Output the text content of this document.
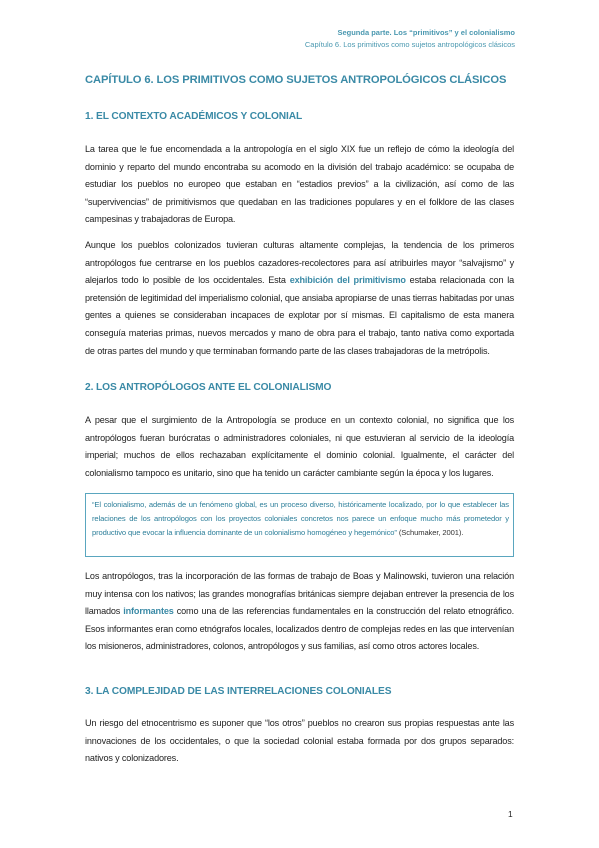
Segunda parte. Los “primitivos” y el colonialismo
Capítulo 6. Los primitivos como sujetos antropológicos clásicos
CAPÍTULO 6. LOS PRIMITIVOS COMO SUJETOS ANTROPOLÓGICOS CLÁSICOS
1. EL CONTEXTO ACADÉMICOS Y COLONIAL

La tarea que le fue encomendada a la antropología en el siglo XIX fue un reflejo de cómo la ideología del dominio y reparto del mundo encontraba su acomodo en la división del trabajo académico: se ocupaba de estudiar los pueblos no europeo que estaban en “estadios previos” a la civilización, así como de las “supervivencias” de primitivismos que quedaban en las tradiciones populares y en el folklore de las clases campesinas y trabajadoras de Europa.

Aunque los pueblos colonizados tuvieran culturas altamente complejas, la tendencia de los primeros antropólogos fue centrarse en los pueblos cazadores-recolectores para así atribuirles mayor “salvajismo” y alejarlos todo lo posible de los occidentales. Esta exhibición del primitivismo estaba relacionada con la pretensión de legitimidad del imperialismo colonial, que ansiaba apropiarse de unas tierras habitadas por unas gentes a quienes se consideraban incapaces de explotar por sí mismas. El capitalismo de esta manera conseguía materias primas, nuevos mercados y mano de obra para el trabajo, tanto nativa como exportada de otras partes del mundo y que terminaban formando parte de las clases trabajadoras de la metrópolis.

2. LOS ANTROPÓLOGOS ANTE EL COLONIALISMO

A pesar que el surgimiento de la Antropología se produce en un contexto colonial, no significa que los antropólogos fueran burócratas o administradores coloniales, ni que estuvieran al servicio de la ideología imperial; muchos de ellos rechazaban explícitamente el dominio colonial. Igualmente, el carácter del colonialismo tampoco es unitario, sino que ha tenido un carácter cambiante según la época y los lugares.

“El colonialismo, además de un fenómeno global, es un proceso diverso, históricamente localizado, por lo que establecer las relaciones de los antropólogos con los proyectos coloniales concretos nos parece un enfoque mucho más prometedor y productivo que evocar la influencia dominante de un colonialismo homogéneo y hegemónico” (Schumaker, 2001).

Los antropólogos, tras la incorporación de las formas de trabajo de Boas y Malinowski, tuvieron una relación muy intensa con los nativos; las grandes monografías británicas siempre dejaban entrever la presencia de los llamados informantes como una de las referencias fundamentales en la construcción del relato etnográfico. Esos informantes eran como etnógrafos locales, localizados dentro de complejas redes en las que intervenían los misioneros, administradores, colonos, antropólogos y sus familias, así como otros actores locales.

3. LA COMPLEJIDAD DE LAS INTERRELACIONES COLONIALES

Un riesgo del etnocentrismo es suponer que “los otros” pueblos no crearon sus propias respuestas ante las innovaciones de los occidentales, o que la sociedad colonial estaba formada por dos grupos separados: nativos y colonizadores.

1
